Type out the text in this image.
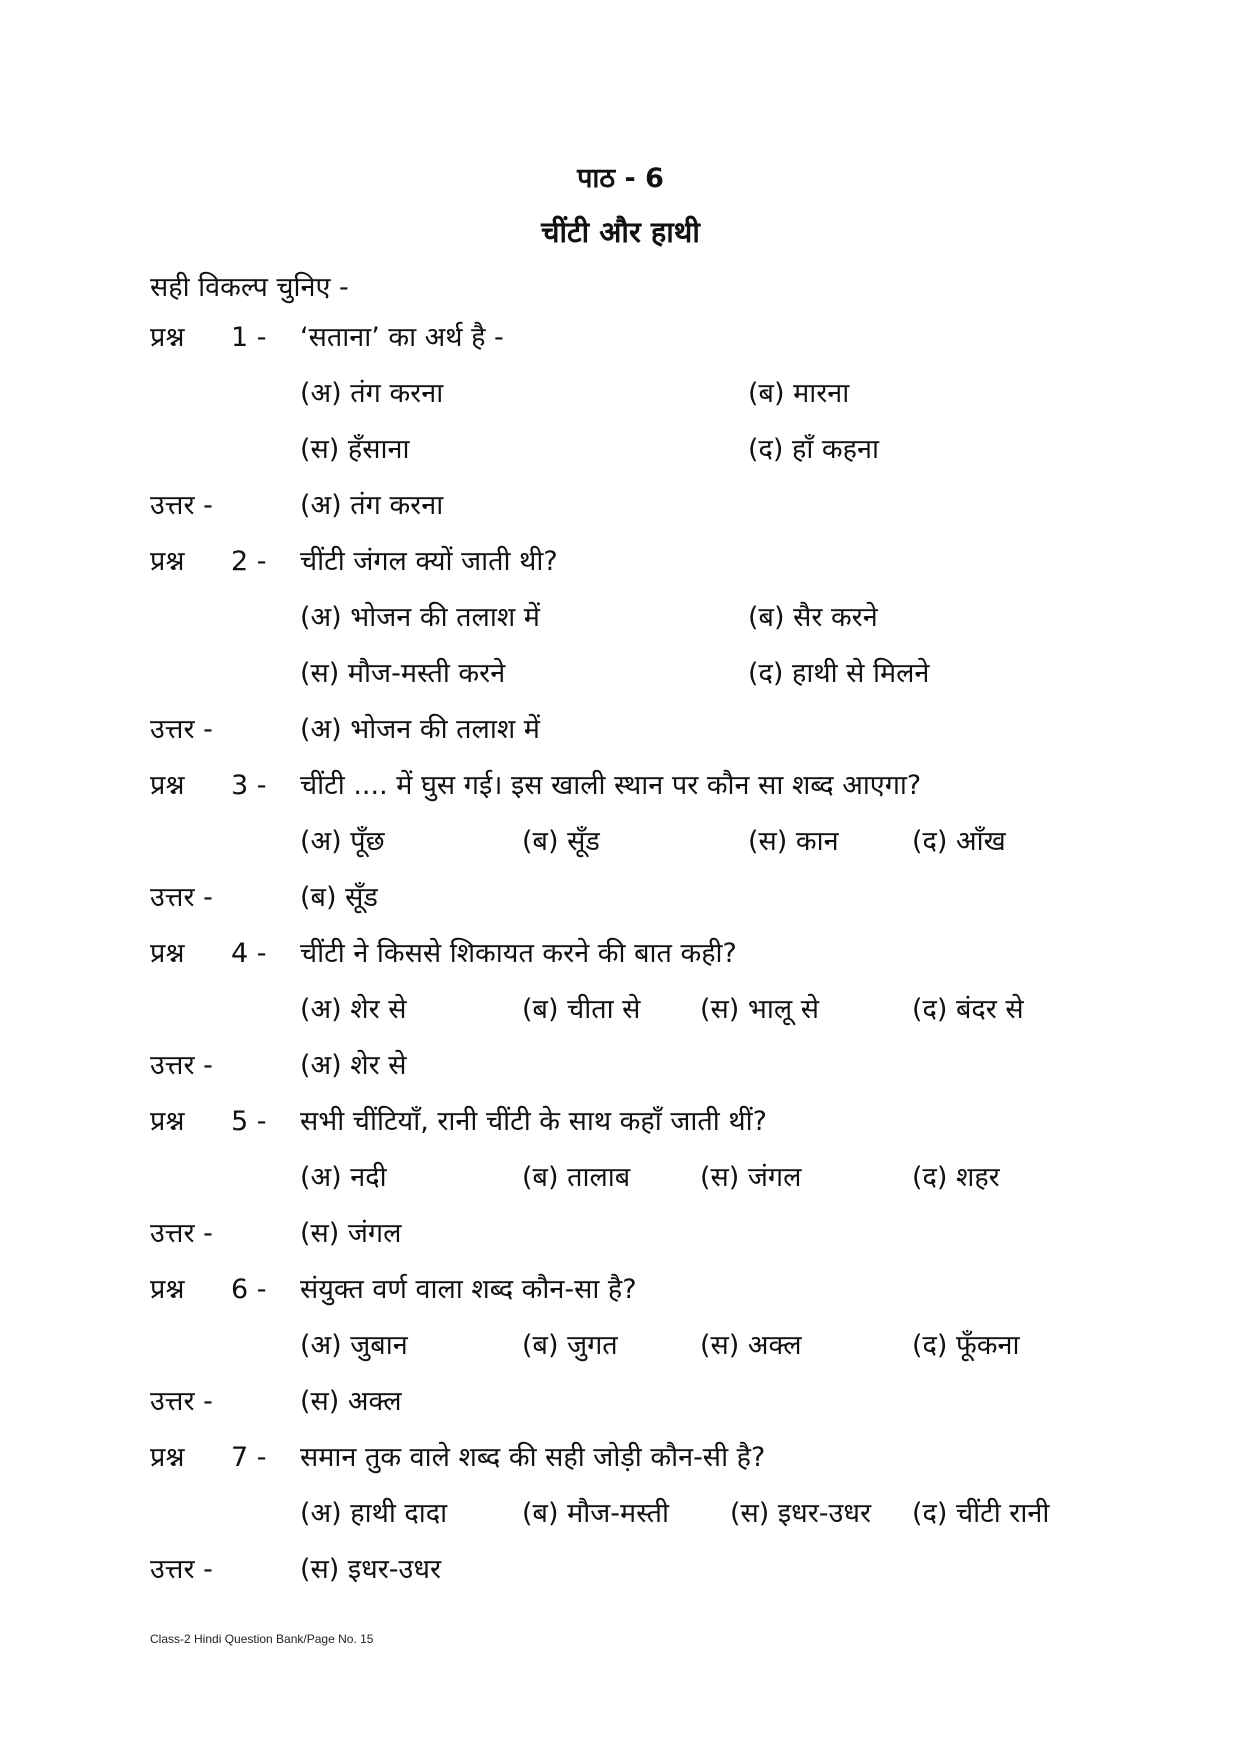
पाठ - 6
चींटी और हाथी
सही विकल्प चुनिए -
प्रश्न 1 - ‘सताना’ का अर्थ है -
(अ) तंग करना	(ब) मारना
(स) हँसाना	(द) हाँ कहना
उत्तर -	(अ) तंग करना
प्रश्न 2 - चींटी जंगल क्यों जाती थी?
(अ) भोजन की तलाश में	(ब) सैर करने
(स) मौज-मस्ती करने	(द) हाथी से मिलने
उत्तर -	(अ) भोजन की तलाश में
प्रश्न 3 - चींटी .... में घुस गई। इस खाली स्थान पर कौन सा शब्द आएगा?
(अ) पूँछ	(ब) सूँड	(स) कान	(द) आँख
उत्तर -	(ब) सूँड
प्रश्न 4 - चींटी ने किससे शिकायत करने की बात कही?
(अ) शेर से	(ब) चीता से (स) भालू से	(द) बंदर से
उत्तर -	(अ) शेर से
प्रश्न 5 - सभी चींटियाँ, रानी चींटी के साथ कहाँ जाती थीं?
(अ) नदी	(ब) तालाब	(स) जंगल	(द) शहर
उत्तर -	(स) जंगल
प्रश्न 6 - संयुक्त वर्ण वाला शब्द कौन-सा है?
(अ) जुबान	(ब) जुगत	(स) अक्ल	(द) फूँकना
उत्तर -	(स) अक्ल
प्रश्न 7 - समान तुक वाले शब्द की सही जोड़ी कौन-सी है?
(अ) हाथी दादा	(ब) मौज-मस्ती (स) इधर-उधर (द) चींटी रानी
उत्तर -	(स) इधर-उधर
Class-2 Hindi Question Bank/Page No. 15
